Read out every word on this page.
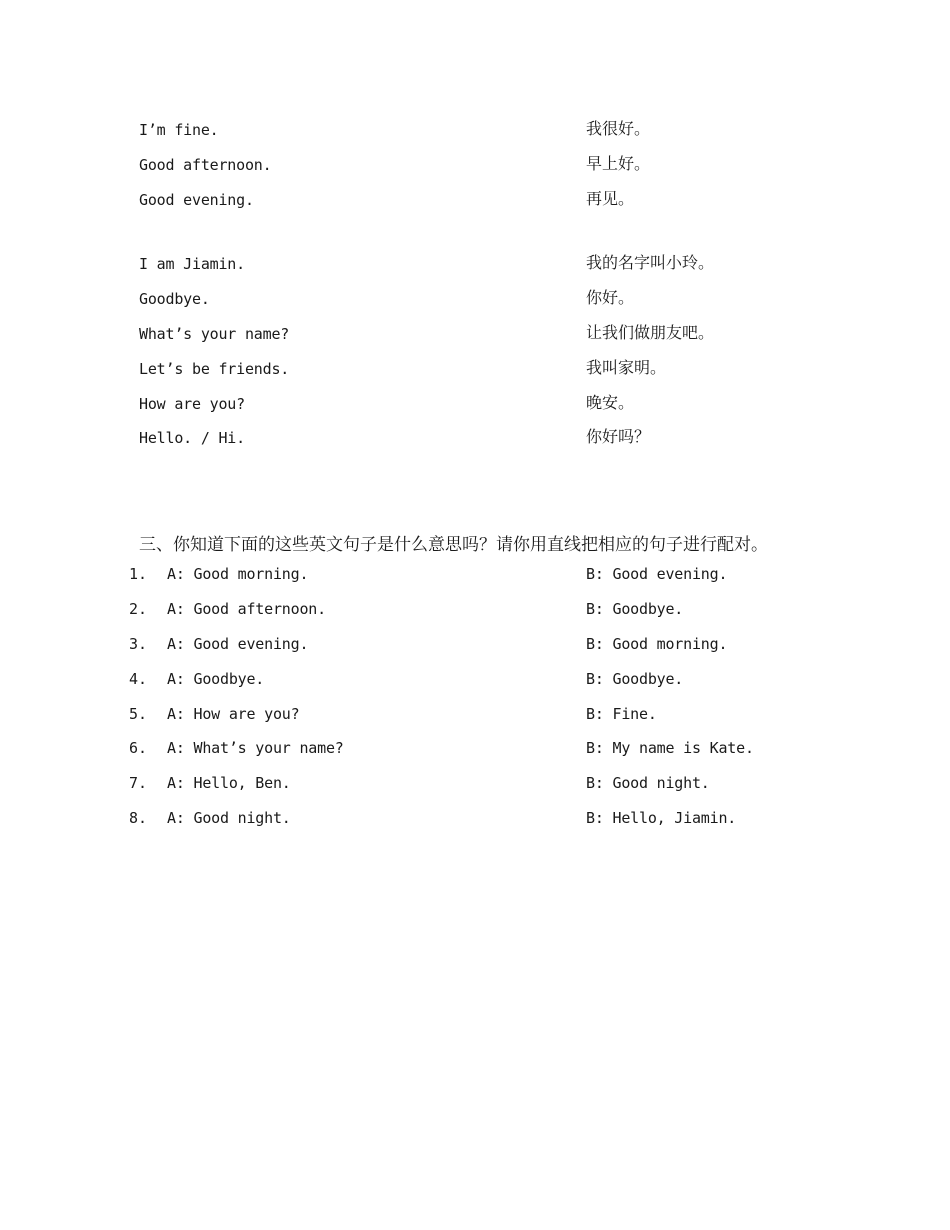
I’m fine.	我很好。
Good afternoon.	早上好。
Good evening.	再见。
I am Jiamin.	我的名字叫小玲。
Goodbye.	你好。
What’s your name?	让我们做朋友吧。
Let’s be friends.	我叫家明。
How are you?	晚安。
Hello. / Hi.	你好吗？
三、你知道下面的这些英文句子是什么意思吗？请你用直线把相应的句子进行配对。
1. A: Good morning.	B: Good evening.
2. A: Good afternoon.	B: Goodbye.
3. A: Good evening.	B: Good morning.
4. A: Goodbye.	B: Goodbye.
5. A: How are you?	B: Fine.
6. A: What’s your name?	B: My name is Kate.
7. A: Hello, Ben.	B: Good night.
8. A: Good night.	B: Hello, Jiamin.
